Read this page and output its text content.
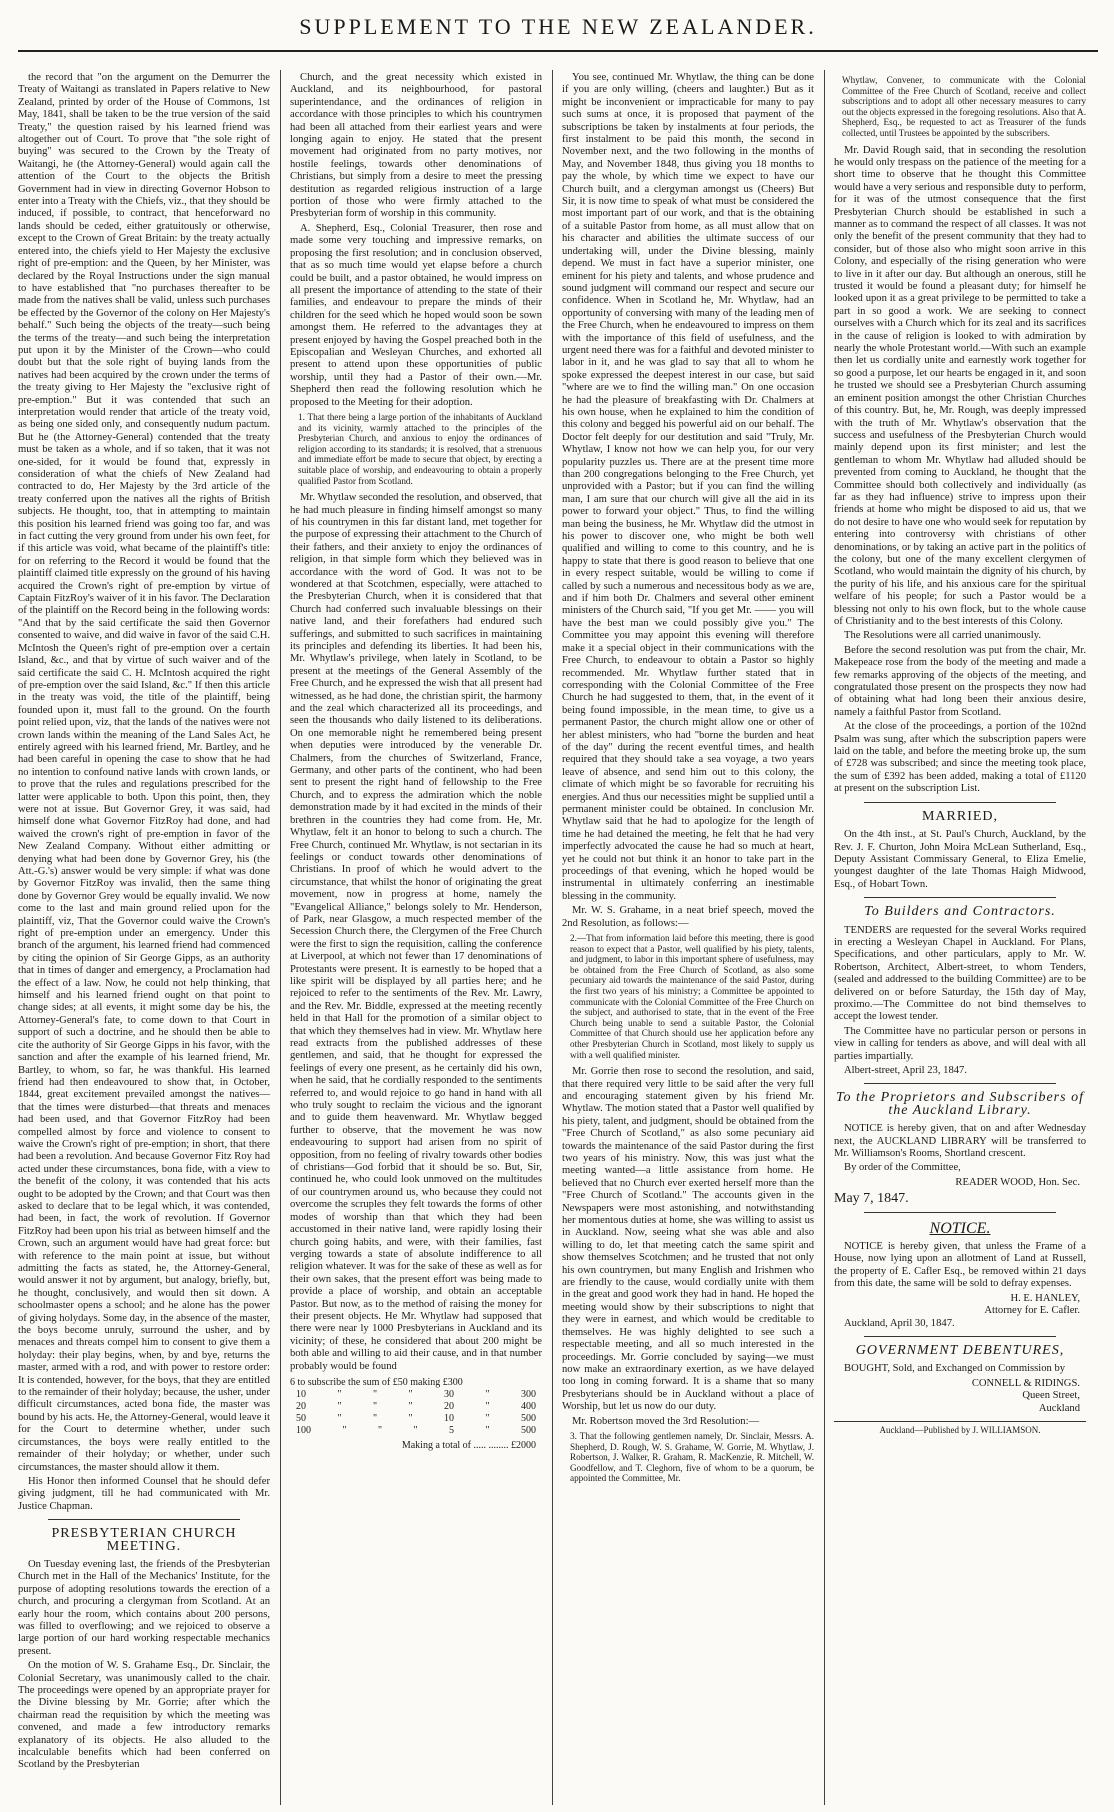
SUPPLEMENT TO THE NEW ZEALANDER.

the record that "on the argument on the Demurrer the Treaty of Waitangi as translated in Papers relative to New Zealand, printed by order of the House of Commons, 1st May, 1841, shall be taken to be the true version of the said Treaty," the question raised by his learned friend was altogether out of Court. To prove that "the sole right of buying" was secured to the Crown by the Treaty of Waitangi, he (the Attorney-General) would again call the attention of the Court to the objects the British Government had in view in directing Governor Hobson to enter into a Treaty with the Chiefs, viz., that they should be induced, if possible, to contract, that henceforward no lands should be ceded, either gratuitously or otherwise, except to the Crown of Great Britain: by the treaty actually entered into, the chiefs yield to Her Majesty the exclusive right of pre-emption: and the Queen, by her Minister, was declared by the Royal Instructions under the sign manual to have established that "no purchases thereafter to be made from the natives shall be valid, unless such purchases be effected by the Governor of the colony on Her Majesty's behalf." Such being the objects of the treaty—such being the terms of the treaty—and such being the interpretation put upon it by the Minister of the Crown—who could doubt but that the sole right of buying lands from the natives had been acquired by the crown under the terms of the treaty giving to Her Majesty the "exclusive right of pre-emption." But it was contended that such an interpretation would render that article of the treaty void, as being one sided only, and consequently nudum pactum. But he (the Attorney-General) contended that the treaty must be taken as a whole, and if so taken, that it was not one-sided, for it would be found that, expressly in consideration of what the chiefs of New Zealand had contracted to do, Her Majesty by the 3rd article of the treaty conferred upon the natives all the rights of British subjects. He thought, too, that in attempting to maintain this position his learned friend was going too far, and was in fact cutting the very ground from under his own feet, for if this article was void, what became of the plaintiff's title: for on referring to the Record it would be found that the plaintiff claimed title expressly on the ground of his having acquired the Crown's right of pre-emption by virtue of Captain FitzRoy's waiver of it in his favor. The Declaration of the plaintiff on the Record being in the following words: "And that by the said certificate the said then Governor consented to waive, and did waive in favor of the said C.H. McIntosh the Queen's right of pre-emption over a certain Island, &c., and that by virtue of such waiver and of the said certificate the said C. H. McIntosh acquired the right of pre-emption over the said Island, &c." If then this article in the treaty was void, the title of the plaintiff, being founded upon it, must fall to the ground. On the fourth point relied upon, viz, that the lands of the natives were not crown lands within the meaning of the Land Sales Act, he entirely agreed with his learned friend, Mr. Bartley, and he had been careful in opening the case to show that he had no intention to confound native lands with crown lands, or to prove that the rules and regulations prescribed for the latter were applicable to both. Upon this point, then, they were not at issue. But Governor Grey, it was said, had himself done what Governor FitzRoy had done, and had waived the crown's right of pre-emption in favor of the New Zealand Company. Without either admitting or denying what had been done by Governor Grey, his (the Att.-G.'s) answer would be very simple: if what was done by Governor FitzRoy was invalid, then the same thing done by Governor Grey would be equally invalid. We now come to the last and main ground relied upon for the plaintiff, viz, That the Governor could waive the Crown's right of pre-emption under an emergency. Under this branch of the argument, his learned friend had commenced by citing the opinion of Sir George Gipps, as an authority that in times of danger and emergency, a Proclamation had the effect of a law. Now, he could not help thinking, that himself and his learned friend ought on that point to change sides; at all events, it might some day be his, the Attorney-General's fate, to come down to that Court in support of such a doctrine, and he should then be able to cite the authority of Sir George Gipps in his favor, with the sanction and after the example of his learned friend, Mr. Bartley, to whom, so far, he was thankful. His learned friend had then endeavoured to show that, in October, 1844, great excitement prevailed amongst the natives—that the times were disturbed—that threats and menaces had been used, and that Governor FitzRoy had been compelled almost by force and violence to consent to waive the Crown's right of pre-emption; in short, that there had been a revolution. And because Governor Fitz Roy had acted under these circumstances, bona fide, with a view to the benefit of the colony, it was contended that his acts ought to be adopted by the Crown; and that Court was then asked to declare that to be legal which, it was contended, had been, in fact, the work of revolution. If Governor FitzRoy had been upon his trial as between himself and the Crown, such an argument would have had great force: but with reference to the main point at issue, but without admitting the facts as stated, he, the Attorney-General, would answer it not by argument, but analogy, briefly, but, he thought, conclusively, and would then sit down. A schoolmaster opens a school; and he alone has the power of giving holydays. Some day, in the absence of the master, the boys become unruly, surround the usher, and by menaces and threats compel him to consent to give them a holyday: their play begins, when, by and bye, returns the master, armed with a rod, and with power to restore order: It is contended, however, for the boys, that they are entitled to the remainder of their holyday; because, the usher, under difficult circumstances, acted bona fide, the master was bound by his acts. He, the Attorney-General, would leave it for the Court to determine whether, under such circumstances, the boys were really entitled to the remainder of their holyday; or whether, under such circumstances, the master should allow it them.

His Honor then informed Counsel that he should defer giving judgment, till he had communicated with Mr. Justice Chapman.

PRESBYTERIAN CHURCH MEETING.

On Tuesday evening last, the friends of the Presbyterian Church met in the Hall of the Mechanics' Institute, for the purpose of adopting resolutions towards the erection of a church, and procuring a clergyman from Scotland. At an early hour the room, which contains about 200 persons, was filled to overflowing; and we rejoiced to observe a large portion of our hard working respectable mechanics present.

On the motion of W. S. Grahame Esq., Dr. Sinclair, the Colonial Secretary, was unanimously called to the chair. The proceedings were opened by an appropriate prayer for the Divine blessing by Mr. Gorrie; after which the chairman read the requisition by which the meeting was convened, and made a few introductory remarks explanatory of its objects. He also alluded to the incalculable benefits which had been conferred on Scotland by the Presbyterian

Church, and the great necessity which existed in Auckland, and its neighbourhood, for pastoral superintendance, and the ordinances of religion in accordance with those principles to which his countrymen had been all attached from their earliest years and were longing again to enjoy. He stated that the present movement had originated from no party motives, nor hostile feelings, towards other denominations of Christians, but simply from a desire to meet the pressing destitution as regarded religious instruction of a large portion of those who were firmly attached to the Presbyterian form of worship in this community.

A. Shepherd, Esq., Colonial Treasurer, then rose and made some very touching and impressive remarks, on proposing the first resolution; and in conclusion observed, that as so much time would yet elapse before a church could be built, and a pastor obtained, he would impress on all present the importance of attending to the state of their families, and endeavour to prepare the minds of their children for the seed which he hoped would soon be sown amongst them. He referred to the advantages they at present enjoyed by having the Gospel preached both in the Episcopalian and Wesleyan Churches, and exhorted all present to attend upon these opportunities of public worship, until they had a Pastor of their own.—Mr. Shepherd then read the following resolution which he proposed to the Meeting for their adoption.

1. That there being a large portion of the inhabitants of Auckland and its vicinity, warmly attached to the principles of the Presbyterian Church, and anxious to enjoy the ordinances of religion according to its standards; it is resolved, that a strenuous and immediate effort be made to secure that object, by erecting a suitable place of worship, and endeavouring to obtain a properly qualified Pastor from Scotland.

Mr. Whytlaw seconded the resolution, and observed, that he had much pleasure in finding himself amongst so many of his countrymen in this far distant land, met together for the purpose of expressing their attachment to the Church of their fathers, and their anxiety to enjoy the ordinances of religion, in that simple form which they believed was in accordance with the word of God. It was not to be wondered at that Scotchmen, especially, were attached to the Presbyterian Church, when it is considered that that Church had conferred such invaluable blessings on their native land, and their forefathers had endured such sufferings, and submitted to such sacrifices in maintaining its principles and defending its liberties. It had been his, Mr. Whytlaw's privilege, when lately in Scotland, to be present at the meetings of the General Assembly of the Free Church, and he expressed the wish that all present had witnessed, as he had done, the christian spirit, the harmony and the zeal which characterized all its proceedings, and seen the thousands who daily listened to its deliberations. On one memorable night he remembered being present when deputies were introduced by the venerable Dr. Chalmers, from the churches of Switzerland, France, Germany, and other parts of the continent, who had been sent to present the right hand of fellowship to the Free Church, and to express the admiration which the noble demonstration made by it had excited in the minds of their brethren in the countries they had come from. He, Mr. Whytlaw, felt it an honor to belong to such a church. The Free Church, continued Mr. Whytlaw, is not sectarian in its feelings or conduct towards other denominations of Christians. In proof of which he would advert to the circumstance, that whilst the honor of originating the great movement, now in progress at home, namely the "Evangelical Alliance," belongs solely to Mr. Henderson, of Park, near Glasgow, a much respected member of the Secession Church there, the Clergymen of the Free Church were the first to sign the requisition, calling the conference at Liverpool, at which not fewer than 17 denominations of Protestants were present. It is earnestly to be hoped that a like spirit will be displayed by all parties here; and he rejoiced to refer to the sentiments of the Rev. Mr. Lawry, and the Rev. Mr. Biddle, expressed at the meeting recently held in that Hall for the promotion of a similar object to that which they themselves had in view. Mr. Whytlaw here read extracts from the published addresses of these gentlemen, and said, that he thought for expressed the feelings of every one present, as he certainly did his own, when he said, that he cordially responded to the sentiments referred to, and would rejoice to go hand in hand with all who truly sought to reclaim the vicious and the ignorant and to guide them heavenward. Mr. Whytlaw begged further to observe, that the movement he was now endeavouring to support had arisen from no spirit of opposition, from no feeling of rivalry towards other bodies of christians—God forbid that it should be so. But, Sir, continued he, who could look unmoved on the multitudes of our countrymen around us, who because they could not overcome the scruples they felt towards the forms of other modes of worship than that which they had been accustomed in their native land, were rapidly losing their church going habits, and were, with their families, fast verging towards a state of absolute indifference to all religion whatever. It was for the sake of these as well as for their own sakes, that the present effort was being made to provide a place of worship, and obtain an acceptable Pastor. But now, as to the method of raising the money for their present objects. He Mr. Whytlaw had supposed that there were near ly 1000 Presbyterians in Auckland and its vicinity; of these, he considered that about 200 might be both able and willing to aid their cause, and in that number probably would be found

6 to subscribe the sum of £50 making £300
10	"	"	"	30	"	300
20	"	"	"	20	"	400
50	"	"	"	10	"	500
100	"	"	"	5	"	500
Making a total of ..... ........ £2000

You see, continued Mr. Whytlaw, the thing can be done if you are only willing, (cheers and laughter.) But as it might be inconvenient or impracticable for many to pay such sums at once, it is proposed that payment of the subscriptions be taken by instalments at four periods, the first instalment to be paid this month, the second in November next, and the two following in the months of May, and November 1848, thus giving you 18 months to pay the whole, by which time we expect to have our Church built, and a clergyman amongst us (Cheers) But Sir, it is now time to speak of what must be considered the most important part of our work, and that is the obtaining of a suitable Pastor from home, as all must allow that on his character and abilities the ultimate success of our undertaking will, under the Divine blessing, mainly depend. We must in fact have a superior minister, one eminent for his piety and talents, and whose prudence and sound judgment will command our respect and secure our confidence. When in Scotland he, Mr. Whytlaw, had an opportunity of conversing with many of the leading men of the Free Church, when he endeavoured to impress on them with the importance of this field of usefulness, and the urgent need there was for a faithful and devoted minister to labor in it, and he was glad to say that all to whom he spoke expressed the deepest interest in our case, but said "where are we to find the willing man." On one occasion he had the pleasure of breakfasting with Dr. Chalmers at his own house, when he explained to him the condition of this colony and begged his powerful aid on our behalf. The Doctor felt deeply for our destitution and said "Truly, Mr. Whytlaw, I know not how we can help you, for our very popularity puzzles us. There are at the present time more than 200 congregations belonging to the Free Church, yet unprovided with a Pastor; but if you can find the willing man, I am sure that our church will give all the aid in its power to forward your object." Thus, to find the willing man being the business, he Mr. Whytlaw did the utmost in his power to discover one, who might be both well qualified and willing to come to this country, and he is happy to state that there is good reason to believe that one in every respect suitable, would be willing to come if called by such a numerous and necessitous body as we are, and if him both Dr. Chalmers and several other eminent ministers of the Church said, "If you get Mr. —— you will have the best man we could possibly give you." The Committee you may appoint this evening will therefore make it a special object in their communications with the Free Church, to endeavour to obtain a Pastor so highly recommended. Mr. Whytlaw further stated that in corresponding with the Colonial Committee of the Free Church he had suggested to them, that, in the event of it being found impossible, in the mean time, to give us a permanent Pastor, the church might allow one or other of her ablest ministers, who had "borne the burden and heat of the day" during the recent eventful times, and health required that they should take a sea voyage, a two years leave of absence, and send him out to this colony, the climate of which might be so favorable for recruiting his energies. And thus our necessities might be supplied until a permanent minister could be obtained. In conclusion Mr. Whytlaw said that he had to apologize for the length of time he had detained the meeting, he felt that he had very imperfectly advocated the cause he had so much at heart, yet he could not but think it an honor to take part in the proceedings of that evening, which he hoped would be instrumental in ultimately conferring an inestimable blessing in the community.

Mr. W. S. Grahame, in a neat brief speech, moved the 2nd Resolution, as follows:—

2.—That from information laid before this meeting, there is good reason to expect that a Pastor, well qualified by his piety, talents, and judgment, to labor in this important sphere of usefulness, may be obtained from the Free Church of Scotland, as also some pecuniary aid towards the maintenance of the said Pastor, during the first two years of his ministry; a Committee be appointed to communicate with the Colonial Committee of the Free Church on the subject, and authorised to state, that in the event of the Free Church being unable to send a suitable Pastor, the Colonial Committee of that Church should use her application before any other Presbyterian Church in Scotland, most likely to supply us with a well qualified minister.

Mr. Gorrie then rose to second the resolution, and said, that there required very little to be said after the very full and encouraging statement given by his friend Mr. Whytlaw. The motion stated that a Pastor well qualified by his piety, talent, and judgment, should be obtained from the "Free Church of Scotland," as also some pecuniary aid towards the maintenance of the said Pastor during the first two years of his ministry. Now, this was just what the meeting wanted—a little assistance from home. He believed that no Church ever exerted herself more than the "Free Church of Scotland." The accounts given in the Newspapers were most astonishing, and notwithstanding her momentous duties at home, she was willing to assist us in Auckland. Now, seeing what she was able and also willing to do, let that meeting catch the same spirit and show themselves Scotchmen; and he trusted that not only his own countrymen, but many English and Irishmen who are friendly to the cause, would cordially unite with them in the great and good work they had in hand. He hoped the meeting would show by their subscriptions to night that they were in earnest, and which would be creditable to themselves. He was highly delighted to see such a respectable meeting, and all so much interested in the proceedings. Mr. Gorrie concluded by saying—we must now make an extraordinary exertion, as we have delayed too long in coming forward. It is a shame that so many Presbyterians should be in Auckland without a place of Worship, but let us now do our duty.

Mr. Robertson moved the 3rd Resolution:—

3. That the following gentlemen namely, Dr. Sinclair, Messrs. A. Shepherd, D. Rough, W. S. Grahame, W. Gorrie, M. Whytlaw, J. Robertson, J. Walker, R. Graham, R. MacKenzie, R. Mitchell, W. Goodfellow, and T. Cleghorn, five of whom to be a quorum, be appointed the Committee, Mr.
Whytlaw, Convener, to communicate with the Colonial Committee of the Free Church of Scotland, receive and collect subscriptions and to adopt all other necessary measures to carry out the objects expressed in the foregoing resolutions. Also that A. Shepherd, Esq., be requested to act as Treasurer of the funds collected, until Trustees be appointed by the subscribers.

Mr. David Rough said, that in seconding the resolution he would only trespass on the patience of the meeting for a short time to observe that he thought this Committee would have a very serious and responsible duty to perform, for it was of the utmost consequence that the first Presbyterian Church should be established in such a manner as to command the respect of all classes. It was not only the benefit of the present community that they had to consider, but of those also who might soon arrive in this Colony, and especially of the rising generation who were to live in it after our day. But although an onerous, still he trusted it would be found a pleasant duty; for himself he looked upon it as a great privilege to be permitted to take a part in so good a work. We are seeking to connect ourselves with a Church which for its zeal and its sacrifices in the cause of religion is looked to with admiration by nearly the whole Protestant world.—With such an example then let us cordially unite and earnestly work together for so good a purpose, let our hearts be engaged in it, and soon he trusted we should see a Presbyterian Church assuming an eminent position amongst the other Christian Churches of this country. But, he, Mr. Rough, was deeply impressed with the truth of Mr. Whytlaw's observation that the success and usefulness of the Presbyterian Church would mainly depend upon its first minister; and lest the gentleman to whom Mr. Whytlaw had alluded should be prevented from coming to Auckland, he thought that the Committee should both collectively and individually (as far as they had influence) strive to impress upon their friends at home who might be disposed to aid us, that we do not desire to have one who would seek for reputation by entering into controversy with christians of other denominations, or by taking an active part in the politics of the colony, but one of the many excellent clergymen of Scotland, who would maintain the dignity of his church, by the purity of his life, and his anxious care for the spiritual welfare of his people; for such a Pastor would be a blessing not only to his own flock, but to the whole cause of Christianity and to the best interests of this Colony.

The Resolutions were all carried unanimously.

Before the second resolution was put from the chair, Mr. Makepeace rose from the body of the meeting and made a few remarks approving of the objects of the meeting, and congratulated those present on the prospects they now had of obtaining what had long been their anxious desire, namely a faithful Pastor from Scotland.

At the close of the proceedings, a portion of the 102nd Psalm was sung, after which the subscription papers were laid on the table, and before the meeting broke up, the sum of £728 was subscribed; and since the meeting took place, the sum of £392 has been added, making a total of £1120 at present on the subscription List.

MARRIED,

On the 4th inst., at St. Paul's Church, Auckland, by the Rev. J. F. Churton, John Moira McLean Sutherland, Esq., Deputy Assistant Commissary General, to Eliza Emelie, youngest daughter of the late Thomas Haigh Midwood, Esq., of Hobart Town.

To Builders and Contractors.

TENDERS are requested for the several Works required in erecting a Wesleyan Chapel in Auckland. For Plans, Specifications, and other particulars, apply to Mr. W. Robertson, Architect, Albert-street, to whom Tenders, (sealed and addressed to the building Committee) are to be delivered on or before Saturday, the 15th day of May, proximo.—The Committee do not bind themselves to accept the lowest tender.

The Committee have no particular person or persons in view in calling for tenders as above, and will deal with all parties impartially.

Albert-street, April 23, 1847.

To the Proprietors and Subscribers of the Auckland Library.

NOTICE is hereby given, that on and after Wednesday next, the AUCKLAND LIBRARY will be transferred to Mr. Williamson's Rooms, Shortland crescent.

By order of the Committee,

READER WOOD, Hon. Sec.
May 7, 1847.
NOTICE.

NOTICE is hereby given, that unless the Frame of a House, now lying upon an allotment of Land at Russell, the property of E. Cafler Esq., be removed within 21 days from this date, the same will be sold to defray expenses.

H. E. HANLEY,
Attorney for E. Cafler.

Auckland, April 30, 1847.

GOVERNMENT DEBENTURES,

BOUGHT, Sold, and Exchanged on Commission by

CONNELL & RIDINGS.
Queen Street,
Auckland
Auckland—Published by J. WILLIAMSON.
